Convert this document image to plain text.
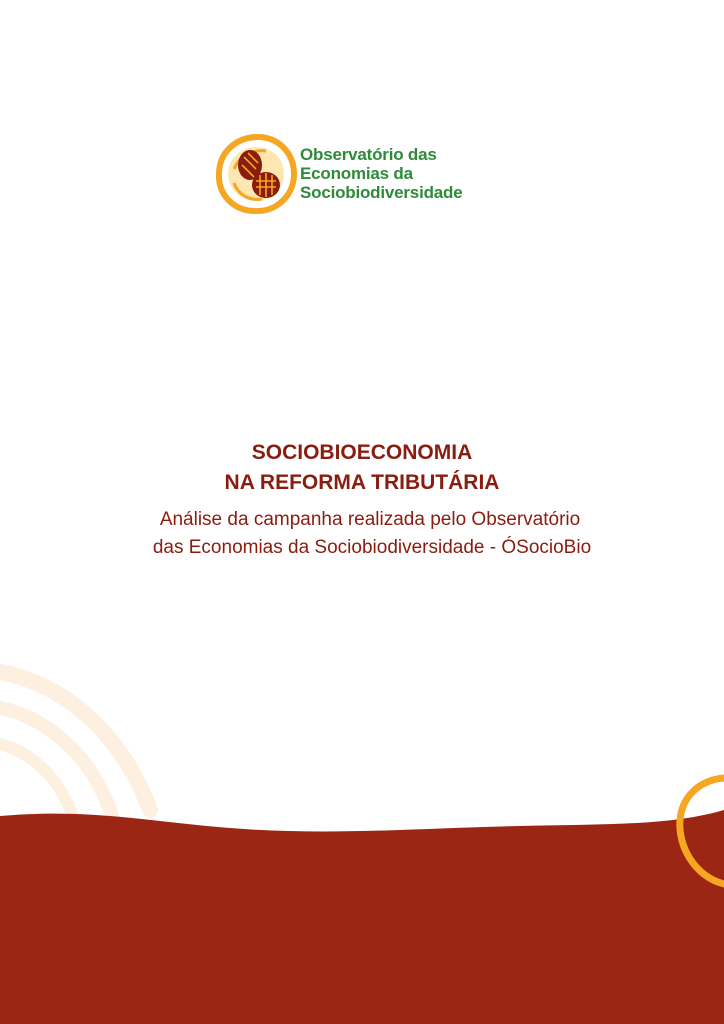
Observatório das
Economias da
Sociobiodiversidade
SOCIOBIOECONOMIA
NA REFORMA TRIBUTÁRIA
Análise da campanha realizada pelo Observatório
das Economias da Sociobiodiversidade - ÓSocioBio
